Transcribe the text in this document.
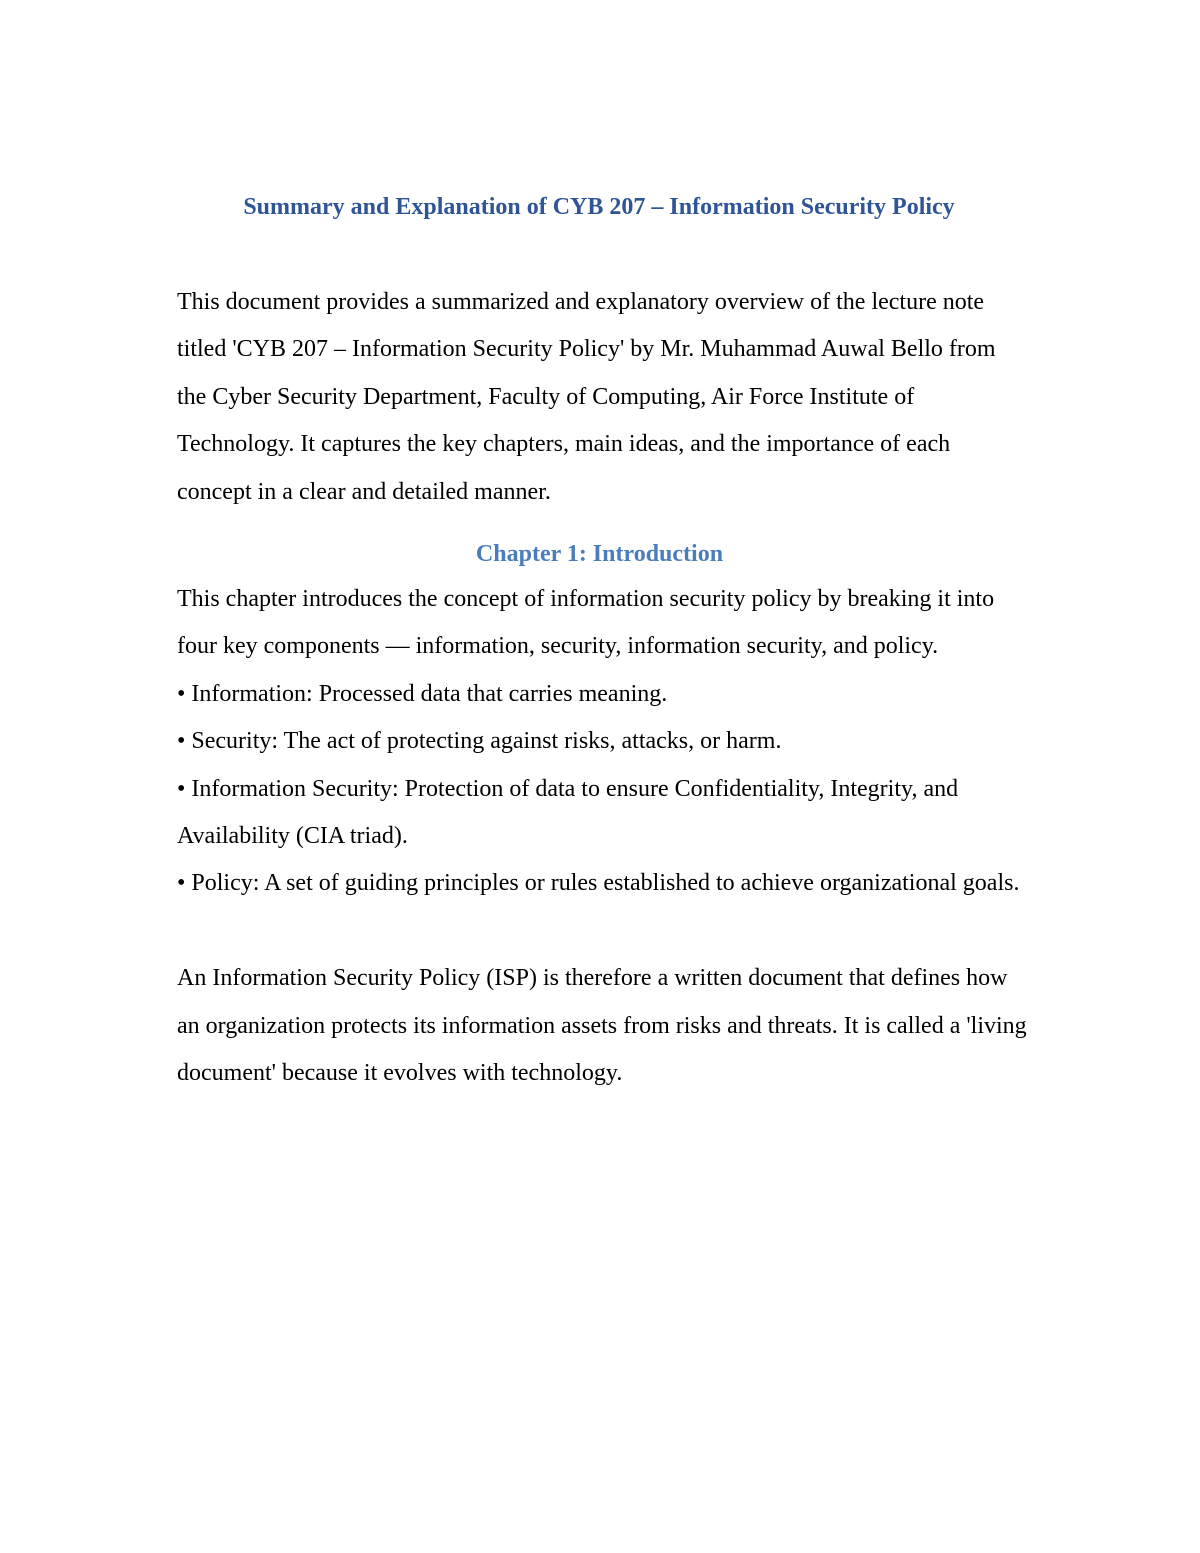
Summary and Explanation of CYB 207 – Information Security Policy

This document provides a summarized and explanatory overview of the lecture note titled 'CYB 207 – Information Security Policy' by Mr. Muhammad Auwal Bello from the Cyber Security Department, Faculty of Computing, Air Force Institute of Technology. It captures the key chapters, main ideas, and the importance of each concept in a clear and detailed manner.

Chapter 1: Introduction

This chapter introduces the concept of information security policy by breaking it into four key components — information, security, information security, and policy.

• Information: Processed data that carries meaning.

• Security: The act of protecting against risks, attacks, or harm.

• Information Security: Protection of data to ensure Confidentiality, Integrity, and Availability (CIA triad).

• Policy: A set of guiding principles or rules established to achieve organizational goals.

An Information Security Policy (ISP) is therefore a written document that defines how an organization protects its information assets from risks and threats. It is called a 'living document' because it evolves with technology.
